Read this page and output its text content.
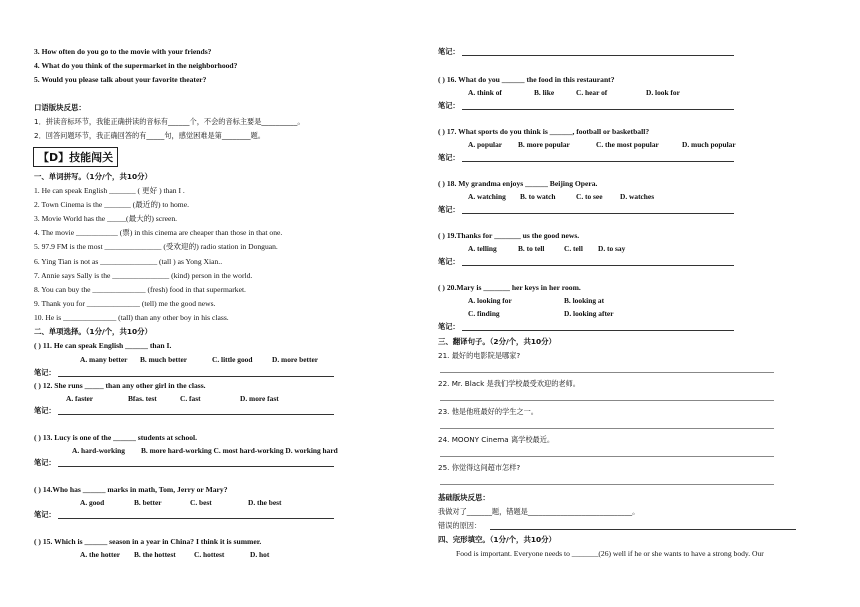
3. How often do you go to the movie with your friends?
4. What do you think of the supermarket in the neighborhood?
5. Would you please talk about your favorite theater?
口语版块反思：
1．拼读音标环节，我能正确拼读的音标有______个，不会的音标主要是__________。
2．回答问题环节，我正确回答的有_____句，感觉困难是第________题。
【D】技能闯关
一、单词拼写。（1分/个，共10分）
1. He can speak English _______ ( 更好 ) than I .
2. Town Cinema is the _______ (最近的) to home.
3. Movie World has the _____(最大的) screen.
4. The movie ___________ (票) in this cinema are cheaper than those in that one.
5. 97.9 FM is the most _______________ (受欢迎的) radio station in Donguan.
6. Ying Tian is not as _______________ (tall ) as Yong Xian..
7. Annie says Sally is the _______________ (kind) person in the world.
8. You can buy the ______________ (fresh) food in that supermarket.
9. Thank you for ______________ (tell) me the good news.
10. He is ______________ (tall) than any other boy in his class.
二、单项选择。（1分/个，共10分）
( ) 11. He can speak English ______ than I.
A. many better B. much better	C. little good	D. more better
笔记：
( ) 12. She runs _____ than any other girl in the class.
A. faster	Bfas. test	C. fast	D. more fast
笔记：
( ) 13. Lucy is one of the ______ students at school.
A. hard-working B. more hard-working C. most hard-working D. working hard
笔记：
( ) 14.Who has ______ marks in math, Tom, Jerry or Mary?
A. good	B. better	C. best	D. the best
笔记：
( ) 15. Which is ______ season in a year in China? I think it is summer.
A. the hotter B. the hottest C. hottest	D. hot
笔记：
( ) 16. What do you ______ the food in this restaurant?
A. think of	B. like	C. hear of	D. look for
笔记：
( ) 17. What sports do you think is ______, football or basketball?
A. popular B. more popular	C. the most popular	D. much popular
笔记：
( ) 18. My grandma enjoys ______ Beijing Opera.
A. watching B. to watch	C. to see D. watches
笔记：
( ) 19.Thanks for _______ us the good news.
A. telling	B. to tell	C. tell D. to say
笔记：
( ) 20.Mary is _______ her keys in her room.
A. looking for	B. looking at
C. finding	D. looking after
笔记：
三、翻译句子。（2分/个，共10分）
21. 最好的电影院是哪家?
22. Mr. Black 是我们学校最受欢迎的老师。
23. 他是他班最好的学生之一。
24. MOONY Cinema 离学校最近。
25. 你觉得这间超市怎样?
基础版块反思：
我做对了_______题，错题是_____________________________。
错误的原因：
四、完形填空。（1分/个，共10分）
Food is important. Everyone needs to _______(26) well if he or she wants to have a strong body. Our
